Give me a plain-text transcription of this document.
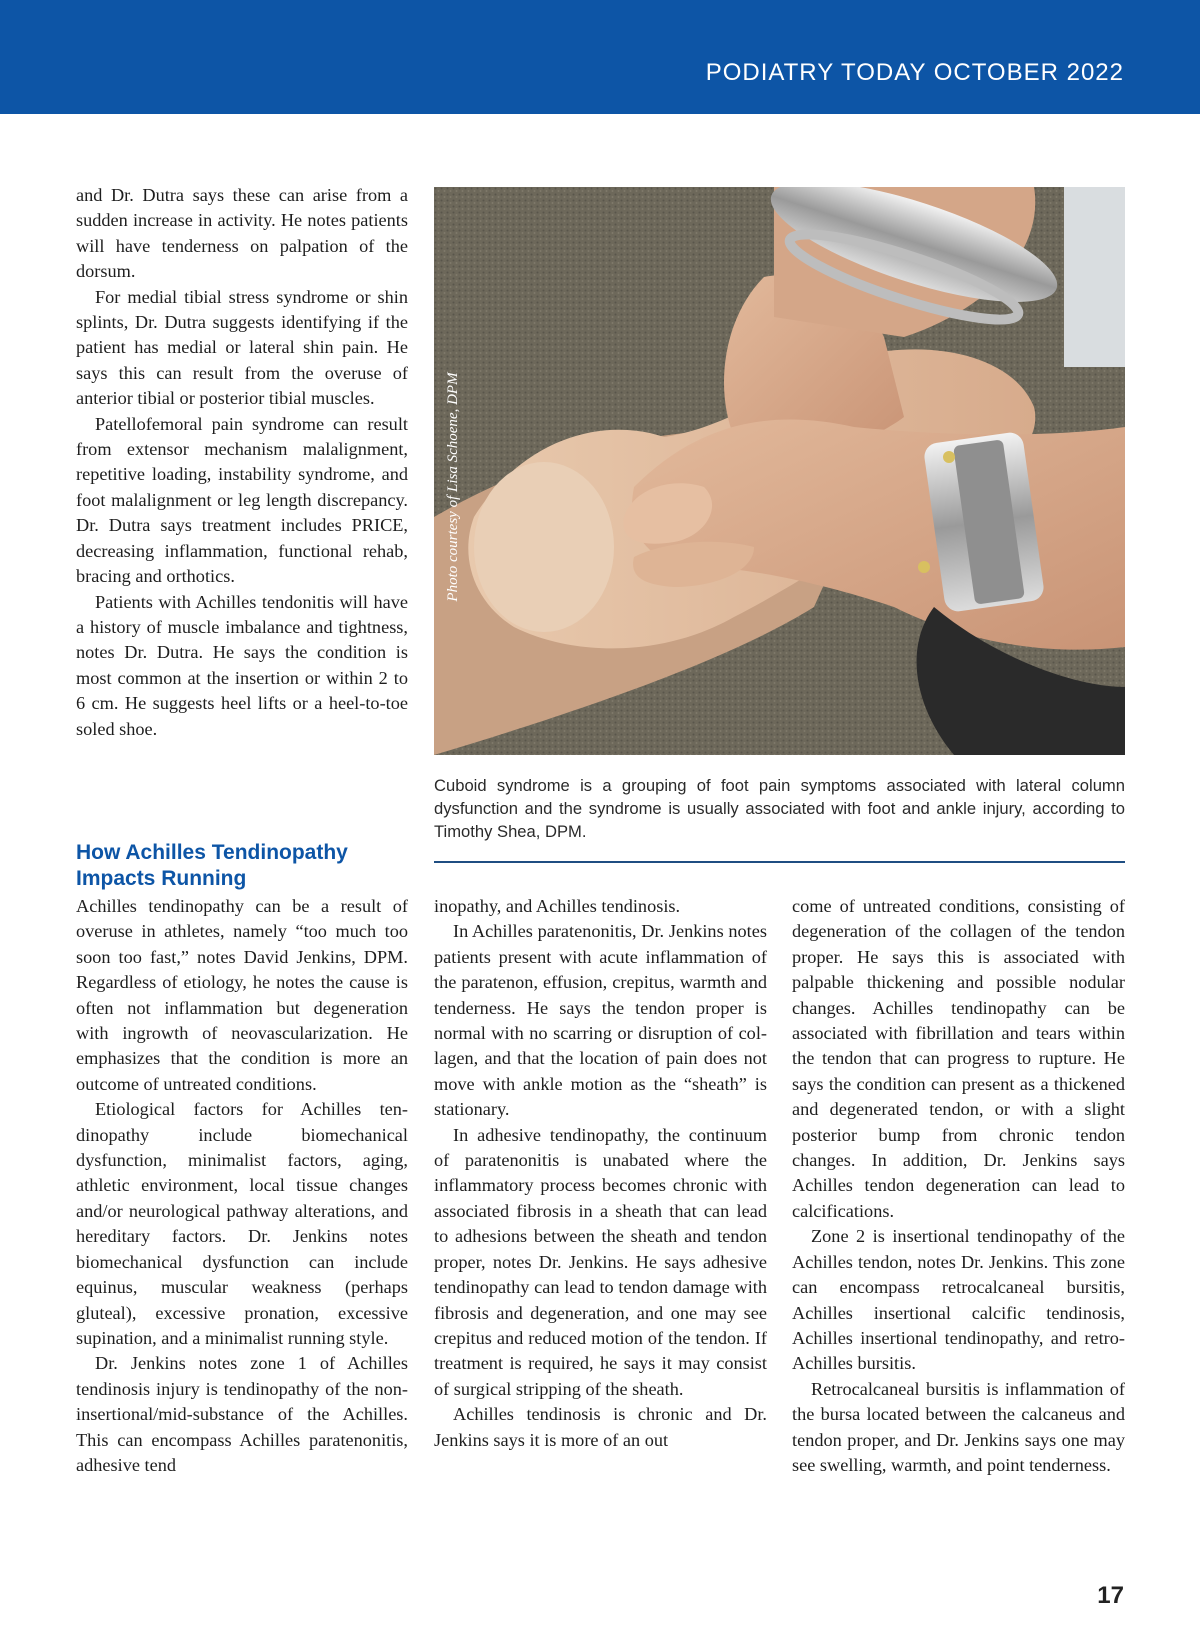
PODIATRY TODAY OCTOBER 2022

and Dr. Dutra says these can arise from a sudden increase in activity. He notes patients will have tenderness on palpation of the dorsum.

For medial tibial stress syndrome or shin splints, Dr. Dutra suggests identifying if the patient has medial or lateral shin pain. He says this can result from the overuse of anterior tibial or posterior tibial muscles.

Patellofemoral pain syndrome can result from extensor mechanism malalignment, repetitive loading, instability syndrome, and foot malalignment or leg length discrepancy. Dr. Dutra says treatment includes PRICE, decreasing inflammation, functional rehab, bracing and orthotics.

Patients with Achilles tendonitis will have a history of muscle imbalance and tightness, notes Dr. Dutra. He says the condition is most common at the insertion or within 2 to 6 cm. He suggests heel lifts or a heel-to-toe soled shoe.

How Achilles Tendinopathy Impacts Running

Achilles tendinopathy can be a result of overuse in athletes, namely “too much too soon too fast,” notes David Jenkins, DPM. Regardless of etiology, he notes the cause is often not inflammation but degeneration with ingrowth of neovascularization. He emphasizes that the condition is more an outcome of untreated conditions.

Etiological factors for Achilles tendinopathy include biomechanical dysfunction, minimalist factors, aging, athletic environment, local tissue changes and/or neurological pathway alterations, and hereditary factors. Dr. Jenkins notes biomechanical dysfunction can include equinus, muscular weakness (perhaps gluteal), excessive pronation, excessive supination, and a minimalist running style.

Dr. Jenkins notes zone 1 of Achilles tendinosis injury is tendinopathy of the non-insertional/mid-substance of the Achilles. This can encompass Achilles paratenonitis, adhesive tend

Photo courtesy of Lisa Schoene, DPM
Cuboid syndrome is a grouping of foot pain symptoms associated with lateral column dysfunction and the syndrome is usually associated with foot and ankle injury, according to Timothy Shea, DPM.

inopathy, and Achilles tendinosis.

In Achilles paratenonitis, Dr. Jenkins notes patients present with acute inflammation of the paratenon, effusion, crepitus, warmth and tenderness. He says the tendon proper is normal with no scarring or disruption of collagen, and that the location of pain does not move with ankle motion as the “sheath” is stationary.

In adhesive tendinopathy, the continuum of paratenonitis is unabated where the inflammatory process becomes chronic with associated fibrosis in a sheath that can lead to adhesions between the sheath and tendon proper, notes Dr. Jenkins. He says adhesive tendinopathy can lead to tendon damage with fibrosis and degeneration, and one may see crepitus and reduced motion of the tendon. If treatment is required, he says it may consist of surgical stripping of the sheath.

Achilles tendinosis is chronic and Dr. Jenkins says it is more of an out

come of untreated conditions, consisting of degeneration of the collagen of the tendon proper. He says this is associated with palpable thickening and possible nodular changes. Achilles tendinopathy can be associated with fibrillation and tears within the tendon that can progress to rupture. He says the condition can present as a thickened and degenerated tendon, or with a slight posterior bump from chronic tendon changes. In addition, Dr. Jenkins says Achilles tendon degeneration can lead to calcifications.

Zone 2 is insertional tendinopathy of the Achilles tendon, notes Dr. Jenkins. This zone can encompass retrocalcaneal bursitis, Achilles insertional calcific tendinosis, Achilles insertional tendinopathy, and retro-Achilles bursitis.

Retrocalcaneal bursitis is inflammation of the bursa located between the calcaneus and tendon proper, and Dr. Jenkins says one may see swelling, warmth, and point tenderness.

17
